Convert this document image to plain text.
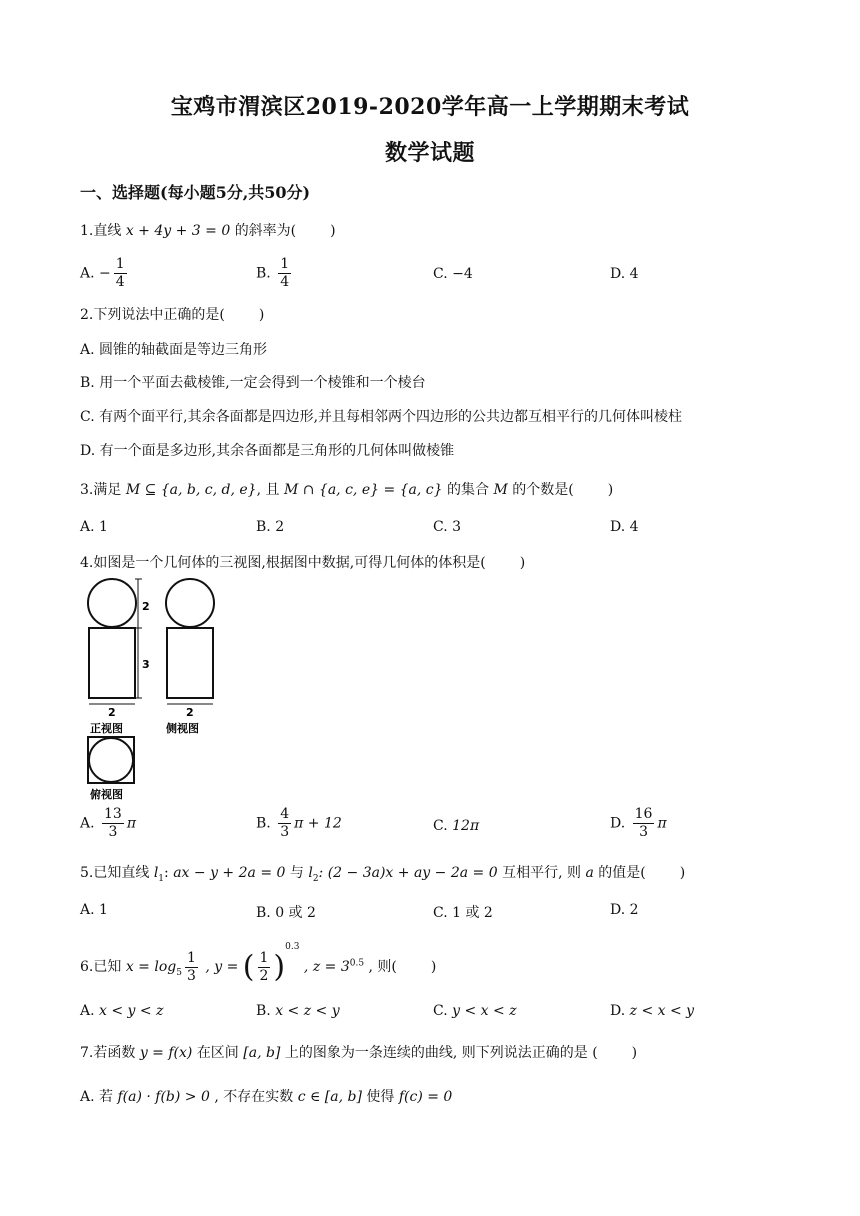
宝鸡市渭滨区2019-2020学年高一上学期期末考试
数学试题
一、选择题(每小题5分,共50分)
1.直线 x + 4y + 3 = 0 的斜率为( )
A. − $\frac{1}{4}$	B. $\frac{1}{4}$	C. −4	D. 4
2.下列说法中正确的是( )
A. 圆锥的轴截面是等边三角形
B. 用一个平面去截棱锥,一定会得到一个棱锥和一个棱台
C. 有两个面平行,其余各面都是四边形,并且每相邻两个四边形的公共边都互相平行的几何体叫棱柱
D. 有一个面是多边形,其余各面都是三角形的几何体叫做棱锥
3.满足 M ⊆ {a, b, c, d, e}, 且 M ∩ {a, c, e} = {a, c} 的集合 M 的个数是( )
A. 1	B. 2	C. 3	D. 4
4.如图是一个几何体的三视图,根据图中数据,可得几何体的体积是( )
2
3
2
正视图
2
侧视图
俯视图
A. $\frac{13}{3}$ π	B. $\frac{4}{3}$ π + 12	C. 12π	D. $\frac{16}{3}$ π
5.已知直线 $l_1$: ax − y + 2a = 0 与 $l_2$: (2 − 3a)x + ay − 2a = 0 互相平行, 则 a 的值是( )
A. 1	B. 0 或 2	C. 1 或 2	D. 2
6.已知 $x = \log_5 \frac{1}{3}$ , y = ( $\frac{1}{2} )^{0.3}$ , $z = 3^{0.5}$ , 则( )
A. x < y < z	B. x < z < y	C. y < x < z	D. z < x < y
7.若函数 y = f(x) 在区间 [a, b] 上的图象为一条连续的曲线, 则下列说法正确的是 ( )
A. 若 f(a) · f(b) > 0 , 不存在实数 c ∈ [a, b] 使得 f(c) = 0
